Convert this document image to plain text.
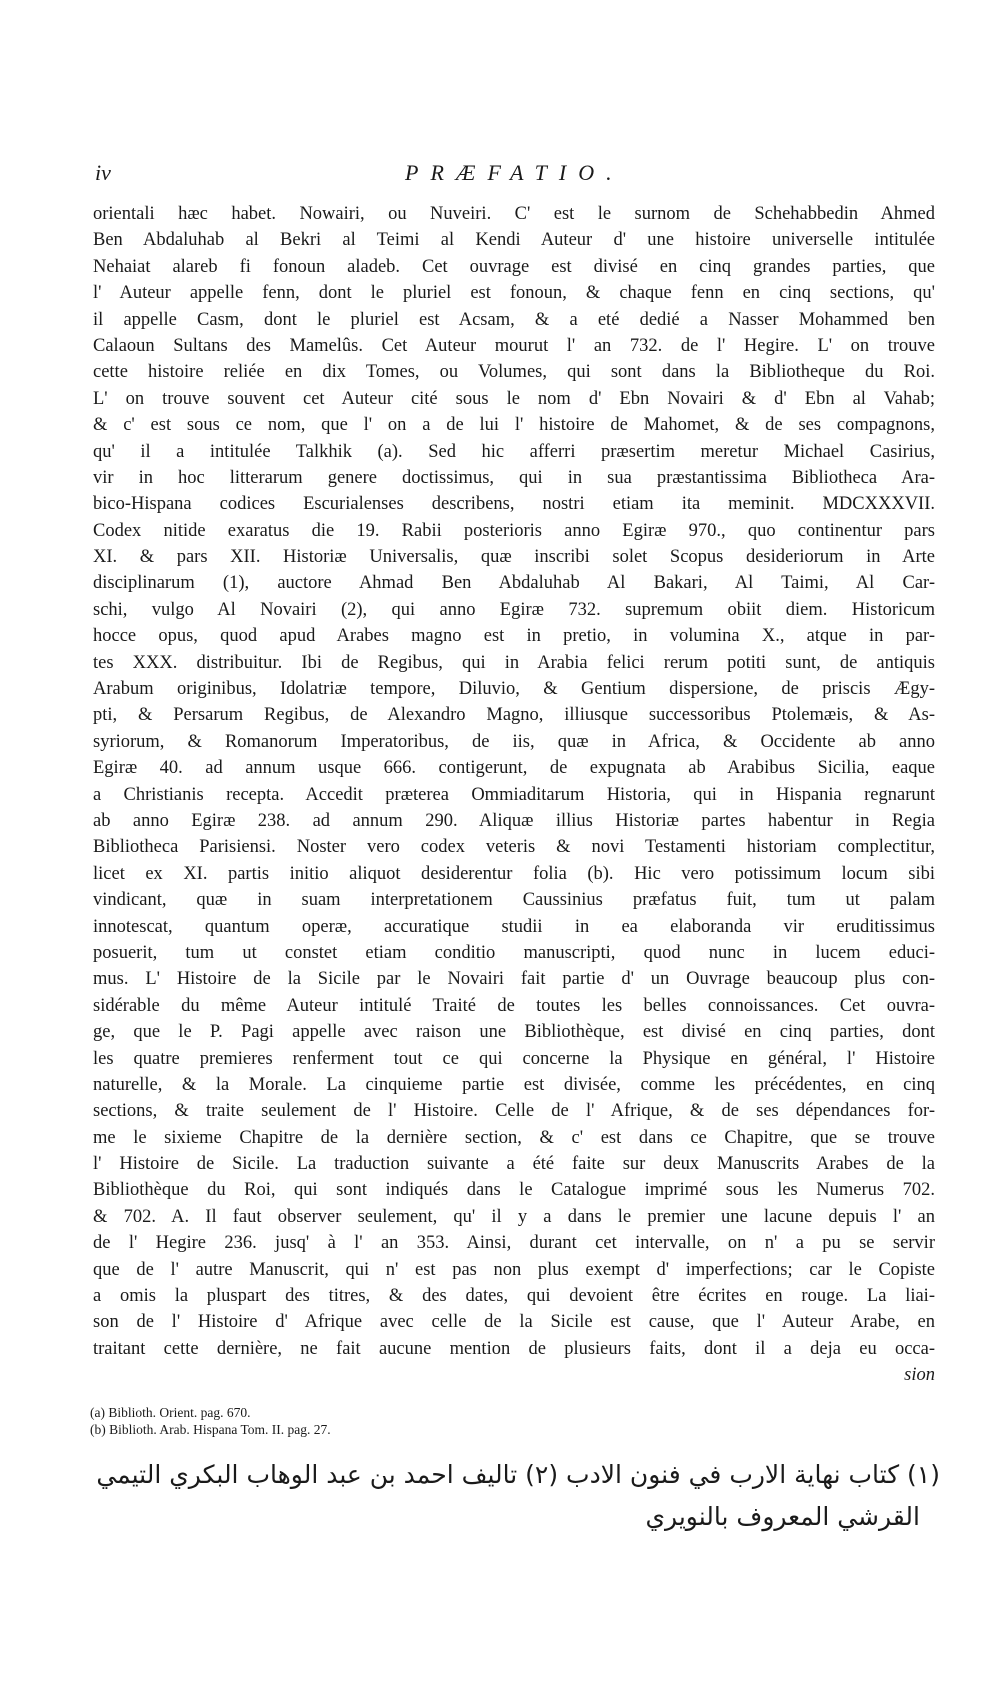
iv	PRÆFATIO.
orientali hæc habet. Nowairi, ou Nuveiri. C' est le surnom de Schehabbedin Ahmed
Ben Abdaluhab al Bekri al Teimi al Kendi Auteur d' une histoire universelle intitulée
Nehaiat alareb fi fonoun aladeb. Cet ouvrage est divisé en cinq grandes parties, que
l' Auteur appelle fenn, dont le pluriel est fonoun, & chaque fenn en cinq sections, qu'
il appelle Casm, dont le pluriel est Acsam, & a eté dedié a Nasser Mohammed ben
Calaoun Sultans des Mamelûs. Cet Auteur mourut l' an 732. de l' Hegire. L' on trouve
cette histoire reliée en dix Tomes, ou Volumes, qui sont dans la Bibliotheque du Roi.
L' on trouve souvent cet Auteur cité sous le nom d' Ebn Novairi & d' Ebn al Vahab;
& c' est sous ce nom, que l' on a de lui l' histoire de Mahomet, & de ses compagnons,
qu' il a intitulée Talkhik (a). Sed hic afferri præsertim meretur Michael Casirius,
vir in hoc litterarum genere doctissimus, qui in sua præstantissima Bibliotheca Ara-
bico-Hispana codices Escurialenses describens, nostri etiam ita meminit. MDCXXXVII.
Codex nitide exaratus die 19. Rabii posterioris anno Egiræ 970., quo continentur pars
XI. & pars XII. Historiæ Universalis, quæ inscribi solet Scopus desideriorum in Arte
disciplinarum (1), auctore Ahmad Ben Abdaluhab Al Bakari, Al Taimi, Al Car-
schi, vulgo Al Novairi (2), qui anno Egiræ 732. supremum obiit diem. Historicum
hocce opus, quod apud Arabes magno est in pretio, in volumina X., atque in par-
tes XXX. distribuitur. Ibi de Regibus, qui in Arabia felici rerum potiti sunt, de antiquis
Arabum originibus, Idolatriæ tempore, Diluvio, & Gentium dispersione, de priscis Ægy-
pti, & Persarum Regibus, de Alexandro Magno, illiusque successoribus Ptolemæis, & As-
syriorum, & Romanorum Imperatoribus, de iis, quæ in Africa, & Occidente ab anno
Egiræ 40. ad annum usque 666. contigerunt, de expugnata ab Arabibus Sicilia, eaque
a Christianis recepta. Accedit præterea Ommiaditarum Historia, qui in Hispania regnarunt
ab anno Egiræ 238. ad annum 290. Aliquæ illius Historiæ partes habentur in Regia
Bibliotheca Parisiensi. Noster vero codex veteris & novi Testamenti historiam complectitur,
licet ex XI. partis initio aliquot desiderentur folia (b). Hic vero potissimum locum sibi
vindicant, quæ in suam interpretationem Caussinius præfatus fuit, tum ut palam
innotescat, quantum operæ, accuratique studii in ea elaboranda vir eruditissimus
posuerit, tum ut constet etiam conditio manuscripti, quod nunc in lucem educi-
mus. L' Histoire de la Sicile par le Novairi fait partie d' un Ouvrage beaucoup plus con-
sidérable du même Auteur intitulé Traité de toutes les belles connoissances. Cet ouvra-
ge, que le P. Pagi appelle avec raison une Bibliothèque, est divisé en cinq parties, dont
les quatre premieres renferment tout ce qui concerne la Physique en général, l' Histoire
naturelle, & la Morale. La cinquieme partie est divisée, comme les précédentes, en cinq
sections, & traite seulement de l' Histoire. Celle de l' Afrique, & de ses dépendances for-
me le sixieme Chapitre de la dernière section, & c' est dans ce Chapitre, que se trouve
l' Histoire de Sicile. La traduction suivante a été faite sur deux Manuscrits Arabes de la
Bibliothèque du Roi, qui sont indiqués dans le Catalogue imprimé sous les Numerus 702.
& 702. A. Il faut observer seulement, qu' il y a dans le premier une lacune depuis l' an
de l' Hegire 236. jusq' à l' an 353. Ainsi, durant cet intervalle, on n' a pu se servir
que de l' autre Manuscrit, qui n' est pas non plus exempt d' imperfections; car le Copiste
a omis la pluspart des titres, & des dates, qui devoient être écrites en rouge. La liai-
son de l' Histoire d' Afrique avec celle de la Sicile est cause, que l' Auteur Arabe, en
traitant cette dernière, ne fait aucune mention de plusieurs faits, dont il a deja eu occa-
sion
(a) Biblioth. Orient. pag. 670.
(b) Biblioth. Arab. Hispana Tom. II. pag. 27.
(١) كتاب نهاية الارب في فنون الادب (٢) تاليف احمد بن عبد الوهاب البكري التيمي
القرشي المعروف بالنويري
